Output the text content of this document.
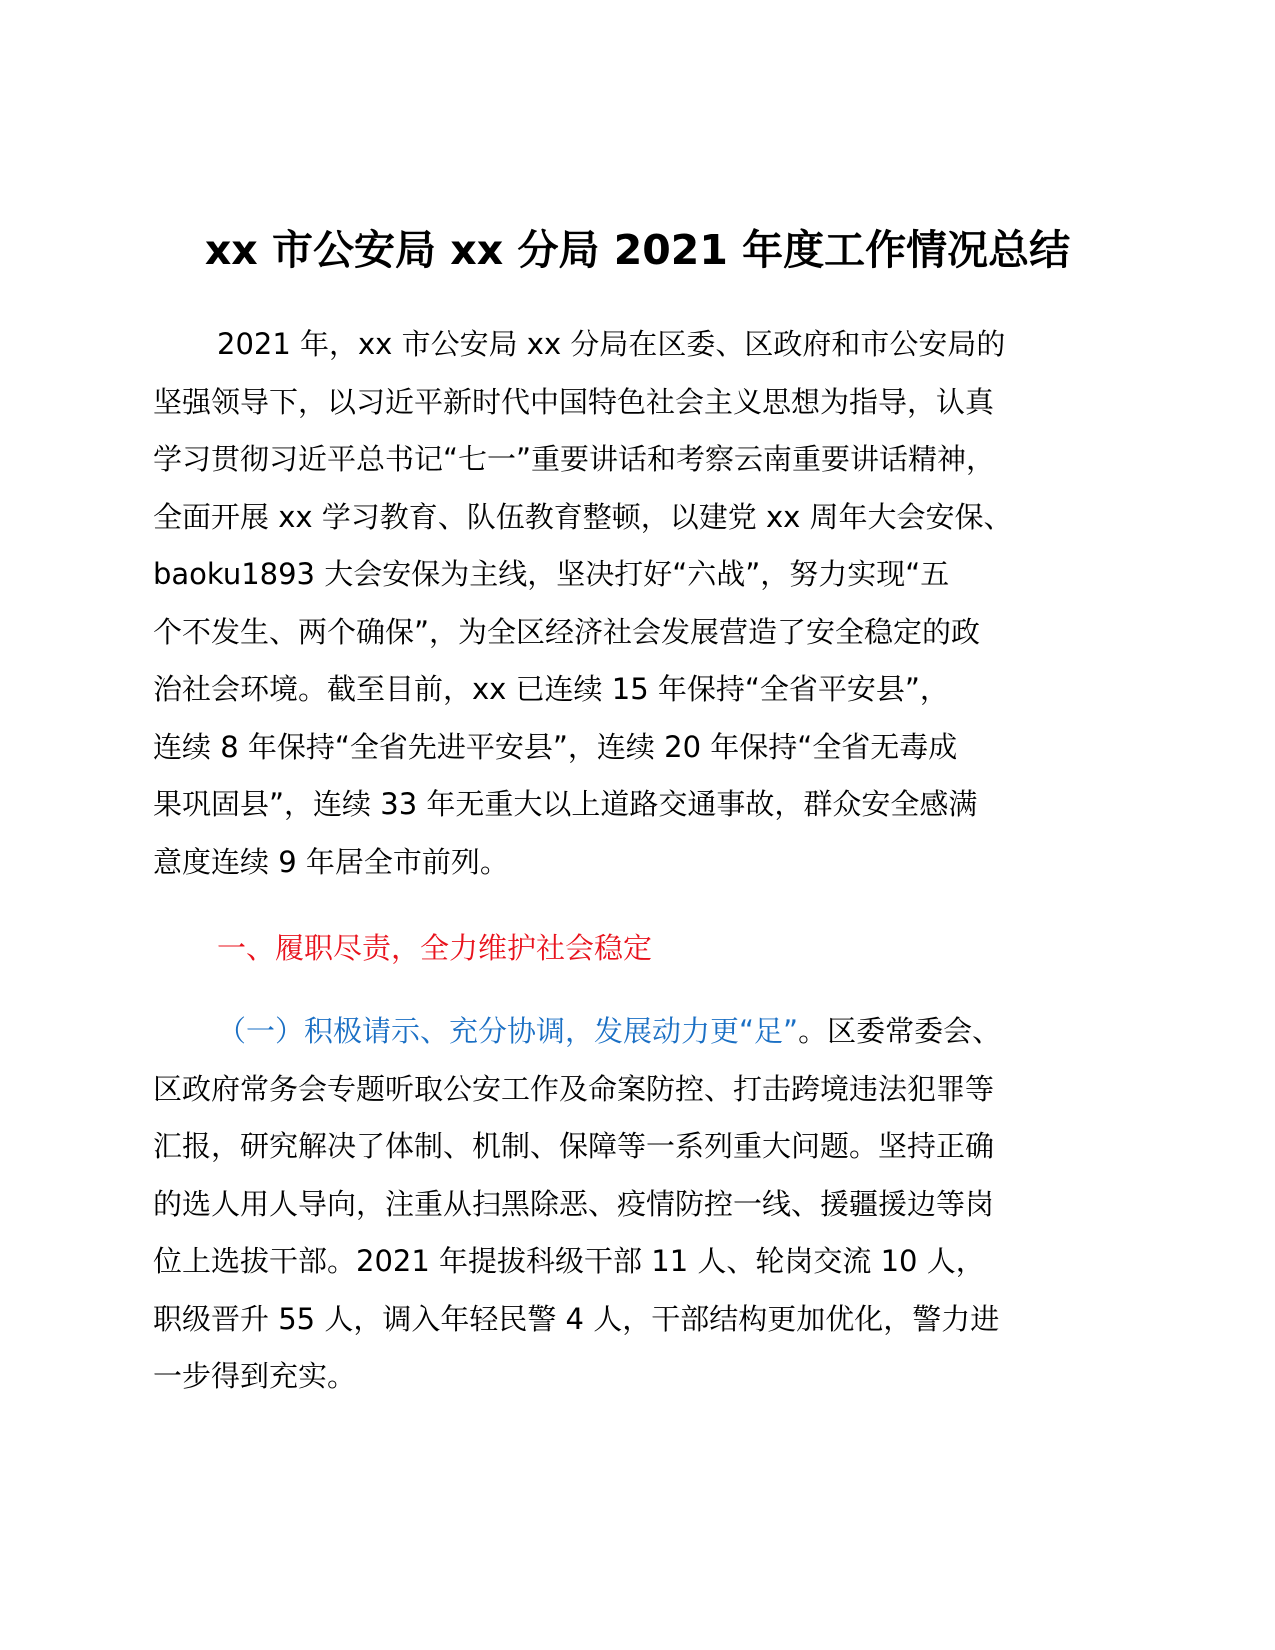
xx 市公安局 xx 分局 2021 年度工作情况总结
2021 年，xx 市公安局 xx 分局在区委、区政府和市公安局的
坚强领导下，以习近平新时代中国特色社会主义思想为指导，认真
学习贯彻习近平总书记“七一”重要讲话和考察云南重要讲话精神，
全面开展 xx 学习教育、队伍教育整顿，以建党 xx 周年大会安保、
baoku1893 大会安保为主线，坚决打好“六战”，努力实现“五
个不发生、两个确保”，为全区经济社会发展营造了安全稳定的政
治社会环境。截至目前，xx 已连续 15 年保持“全省平安县”，
连续 8 年保持“全省先进平安县”，连续 20 年保持“全省无毒成
果巩固县”，连续 33 年无重大以上道路交通事故，群众安全感满
意度连续 9 年居全市前列。
一、履职尽责，全力维护社会稳定
（一）积极请示、充分协调，发展动力更“足”。区委常委会、
区政府常务会专题听取公安工作及命案防控、打击跨境违法犯罪等
汇报，研究解决了体制、机制、保障等一系列重大问题。坚持正确
的选人用人导向，注重从扫黑除恶、疫情防控一线、援疆援边等岗
位上选拔干部。2021 年提拔科级干部 11 人、轮岗交流 10 人，
职级晋升 55 人，调入年轻民警 4 人，干部结构更加优化，警力进
一步得到充实。
